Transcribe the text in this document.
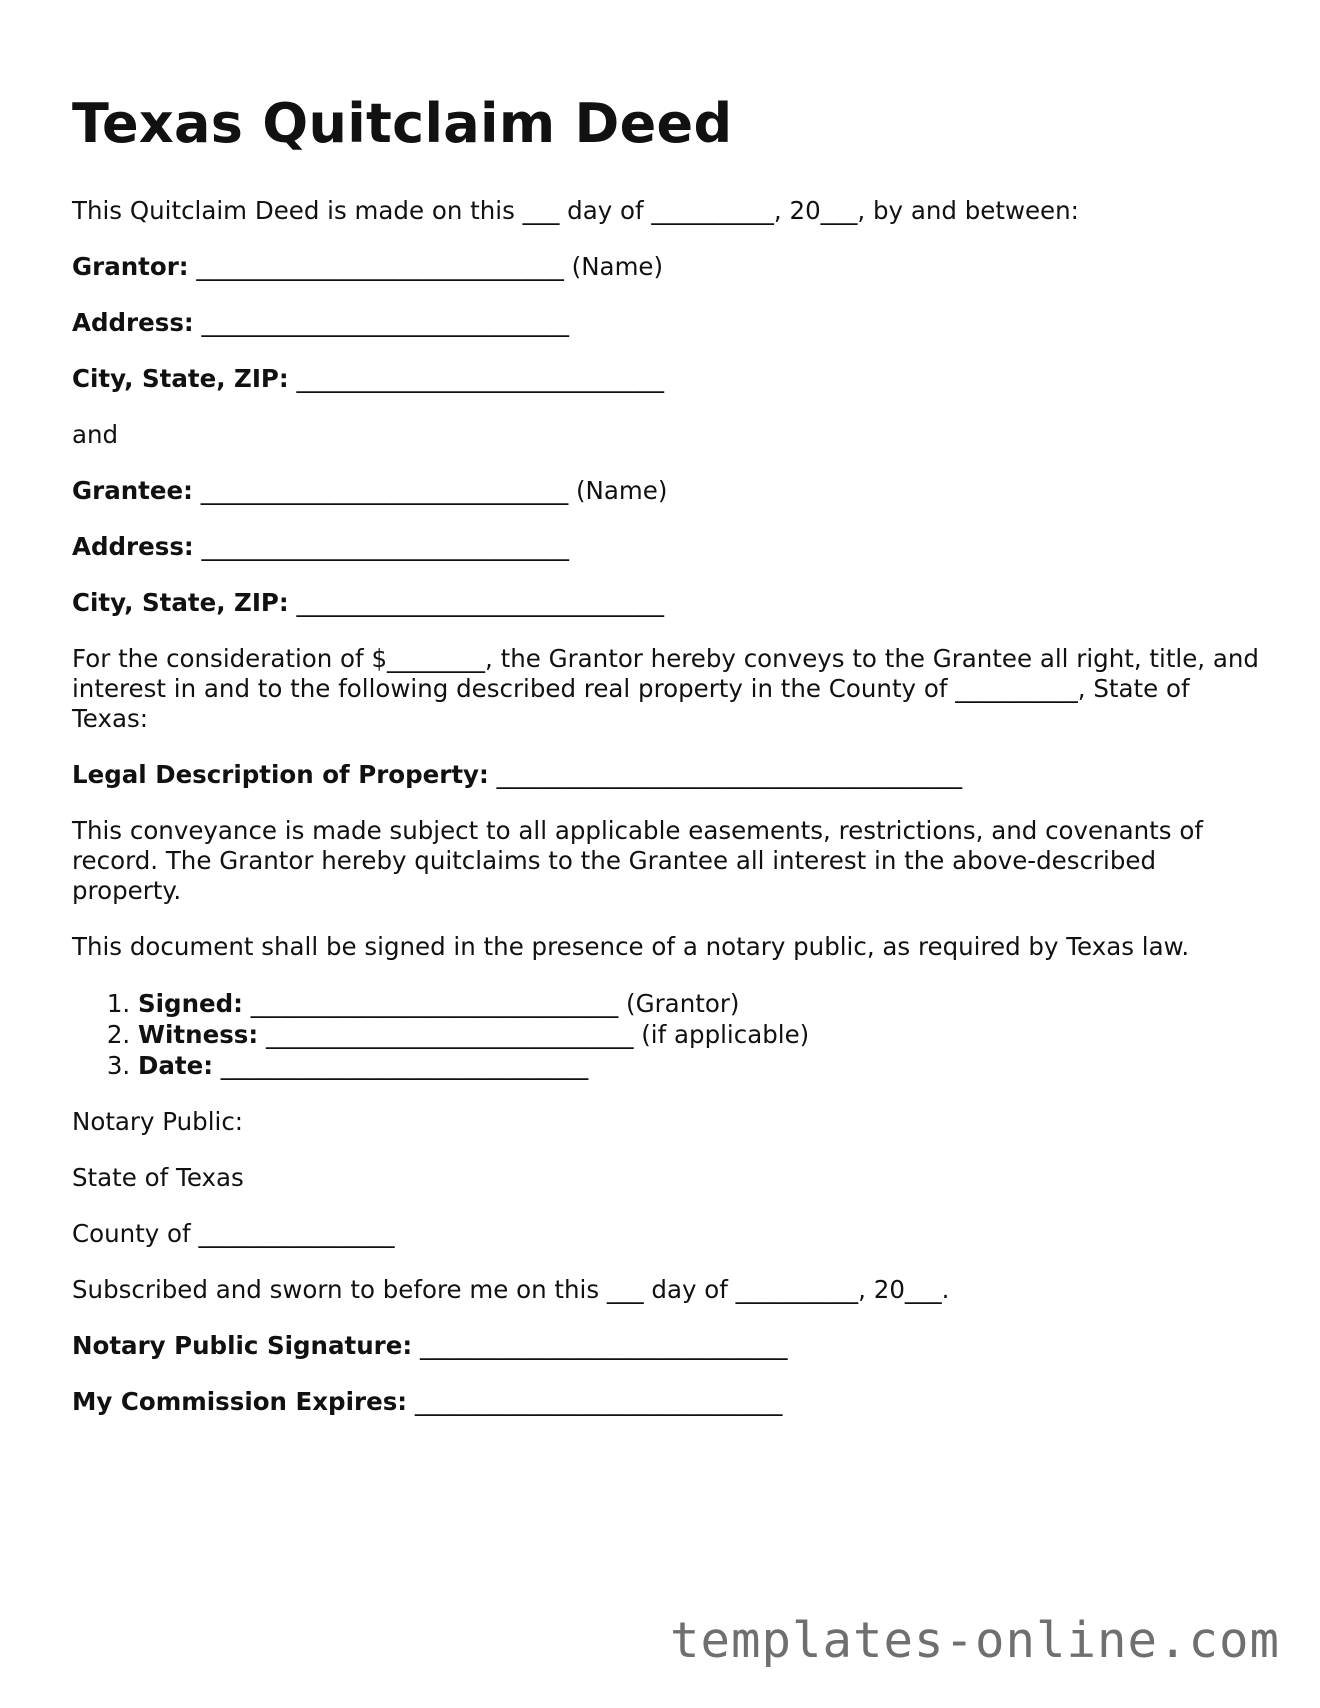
Texas Quitclaim Deed

This Quitclaim Deed is made on this ___ day of __________, 20___, by and between:

Grantor: ______________________________ (Name)

Address: ______________________________

City, State, ZIP: ______________________________

and

Grantee: ______________________________ (Name)

Address: ______________________________

City, State, ZIP: ______________________________

For the consideration of $________, the Grantor hereby conveys to the Grantee all right, title, and interest in and to the following described real property in the County of __________, State of Texas:

Legal Description of Property: ______________________________________

This conveyance is made subject to all applicable easements, restrictions, and covenants of record. The Grantor hereby quitclaims to the Grantee all interest in the above-described property.

This document shall be signed in the presence of a notary public, as required by Texas law.

1. Signed: ______________________________ (Grantor)
2. Witness: ______________________________ (if applicable)
3. Date: ______________________________

Notary Public:

State of Texas

County of ________________

Subscribed and sworn to before me on this ___ day of __________, 20___.

Notary Public Signature: ______________________________

My Commission Expires: ______________________________

templates-online.com
